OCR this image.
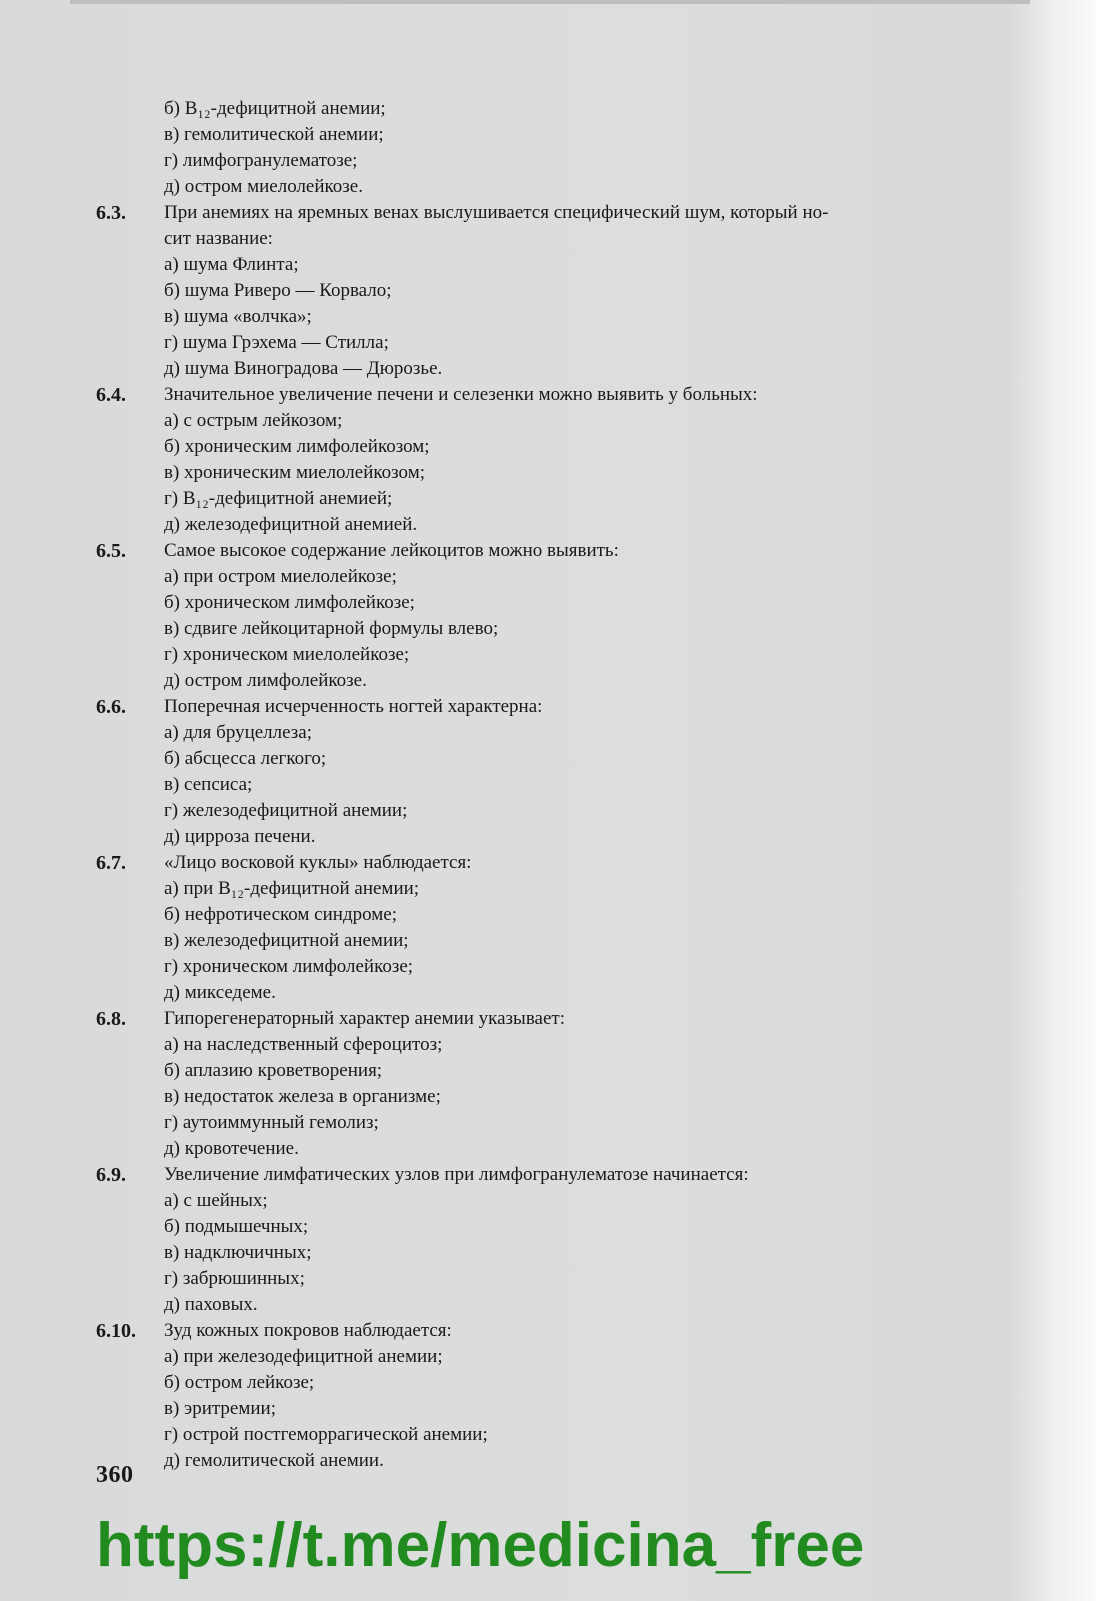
б) B₁₂-дефицитной анемии;
в) гемолитической анемии;
г) лимфогранулематозе;
д) остром миелолейкозе.
6.3.	При анемиях на яремных венах выслушивается специфический шум, который но-
сит название:
а) шума Флинта;
б) шума Риверо — Корвало;
в) шума «волчка»;
г) шума Грэхема — Стилла;
д) шума Виноградова — Дюрозье.
6.4.	Значительное увеличение печени и селезенки можно выявить у больных:
а) с острым лейкозом;
б) хроническим лимфолейкозом;
в) хроническим миелолейкозом;
г) B₁₂-дефицитной анемией;
д) железодефицитной анемией.
6.5.	Самое высокое содержание лейкоцитов можно выявить:
а) при остром миелолейкозе;
б) хроническом лимфолейкозе;
в) сдвиге лейкоцитарной формулы влево;
г) хроническом миелолейкозе;
д) остром лимфолейкозе.
6.6.	Поперечная исчерченность ногтей характерна:
а) для бруцеллеза;
б) абсцесса легкого;
в) сепсиса;
г) железодефицитной анемии;
д) цирроза печени.
6.7.	«Лицо восковой куклы» наблюдается:
а) при B₁₂-дефицитной анемии;
б) нефротическом синдроме;
в) железодефицитной анемии;
г) хроническом лимфолейкозе;
д) микседеме.
6.8.	Гипорегенераторный характер анемии указывает:
а) на наследственный сфероцитоз;
б) аплазию кроветворения;
в) недостаток железа в организме;
г) аутоиммунный гемолиз;
д) кровотечение.
6.9.	Увеличение лимфатических узлов при лимфогранулематозе начинается:
а) с шейных;
б) подмышечных;
в) надключичных;
г) забрюшинных;
д) паховых.
6.10.	Зуд кожных покровов наблюдается:
а) при железодефицитной анемии;
б) остром лейкозе;
в) эритремии;
г) острой постгеморрагической анемии;
д) гемолитической анемии.
360
https://t.me/medicina_free
